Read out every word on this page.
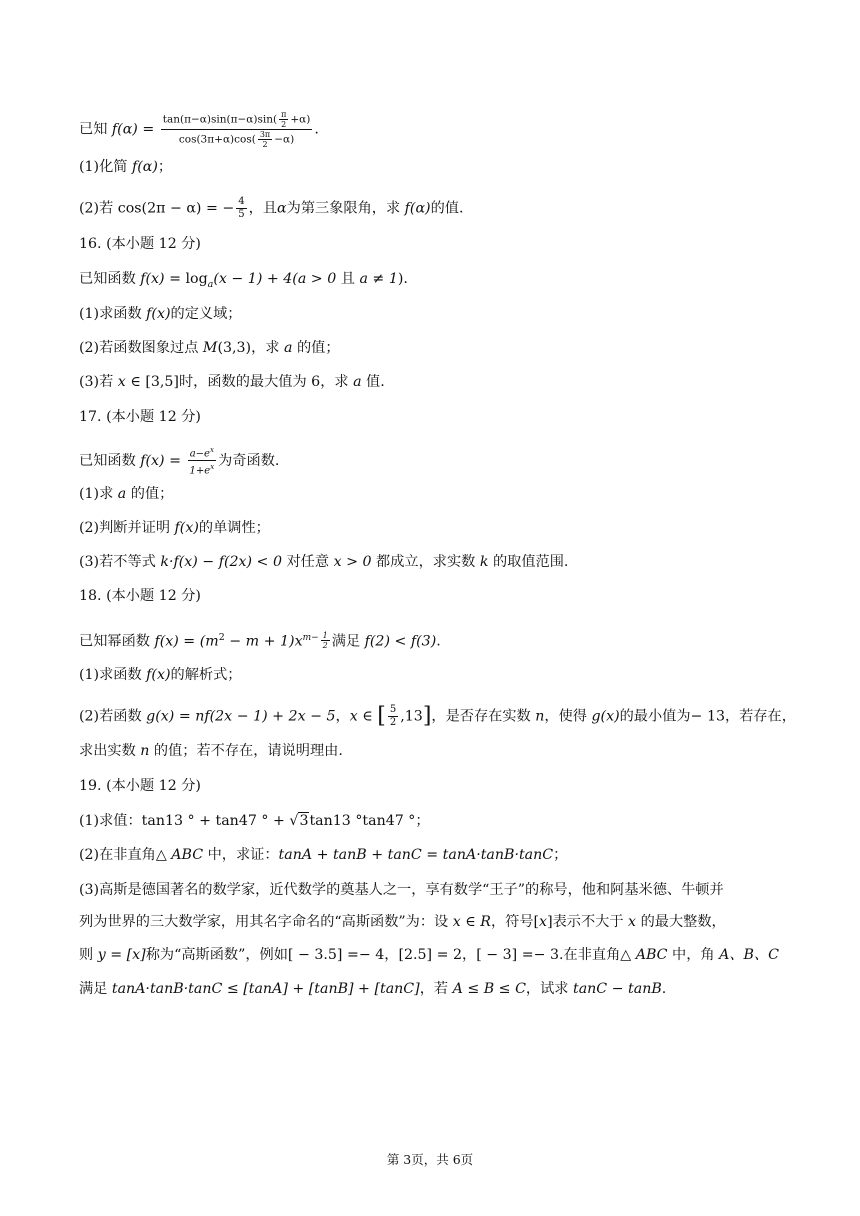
已知 $f(\alpha) = \frac{\tan(\pi-\alpha)\sin(\pi-\alpha)\sin( \frac{\pi}{2} +\alpha)}{\cos(3\pi+\alpha)\cos( \frac{3\pi}{2} -\alpha)}$ .
(1)化简 f(α)；
(2)若 cos(2π − α) = − $\frac{4}{5}$ ，且α为第三象限角，求 f(α)的值.
16. (本小题 12 分)
已知函数 $f(x) = \log_a(x - 1) + 4(a > 0$ 且 a ≠ 1).
(1)求函数 f(x)的定义域；
(2)若函数图象过点 M(3,3)，求 a 的值；
(3)若 x ∈ [3,5]时，函数的最大值为 6，求 a 值.
17. (本小题 12 分)
已知函数 $f(x) = \frac{a-e^x}{1+e^x}$ 为奇函数.
(1)求 a 的值；
(2)判断并证明 f(x)的单调性；
(3)若不等式 k·f(x) − f(2x) < 0 对任意 x > 0 都成立，求实数 k 的取值范围.
18. (本小题 12 分)
已知幂函数 $f(x) = (m^2 - m + 1)x^{m- \frac{1}{2}}$ 满足 f(2) < f(3).
(1)求函数 f(x)的解析式；
(2)若函数 g(x) = nf(2x − 1) + 2x − 5，x ∈ [ $\frac{5}{2} ,13$]，是否存在实数 n，使得 g(x)的最小值为− 13，若存在，
求出实数 n 的值；若不存在，请说明理由.
19. (本小题 12 分)
(1)求值：tan13 ° + tan47 ° + √3tan13 °tan47 °；
(2)在非直角△ ABC 中，求证：tanA + tanB + tanC = tanA·tanB·tanC；
(3)高斯是德国著名的数学家，近代数学的奠基人之一，享有数学“王子”的称号，他和阿基米德、牛顿并
列为世界的三大数学家，用其名字命名的“高斯函数”为：设 x ∈ R，符号[x]表示不大于 x 的最大整数，
则 y = [x]称为“高斯函数”，例如[ − 3.5] =− 4，[2.5] = 2，[ − 3] =− 3.在非直角△ ABC 中，角 A、B、C
满足 tanA·tanB·tanC ≤ [tanA] + [tanB] + [tanC]，若 A ≤ B ≤ C，试求 tanC − tanB.
第 3页，共 6页
